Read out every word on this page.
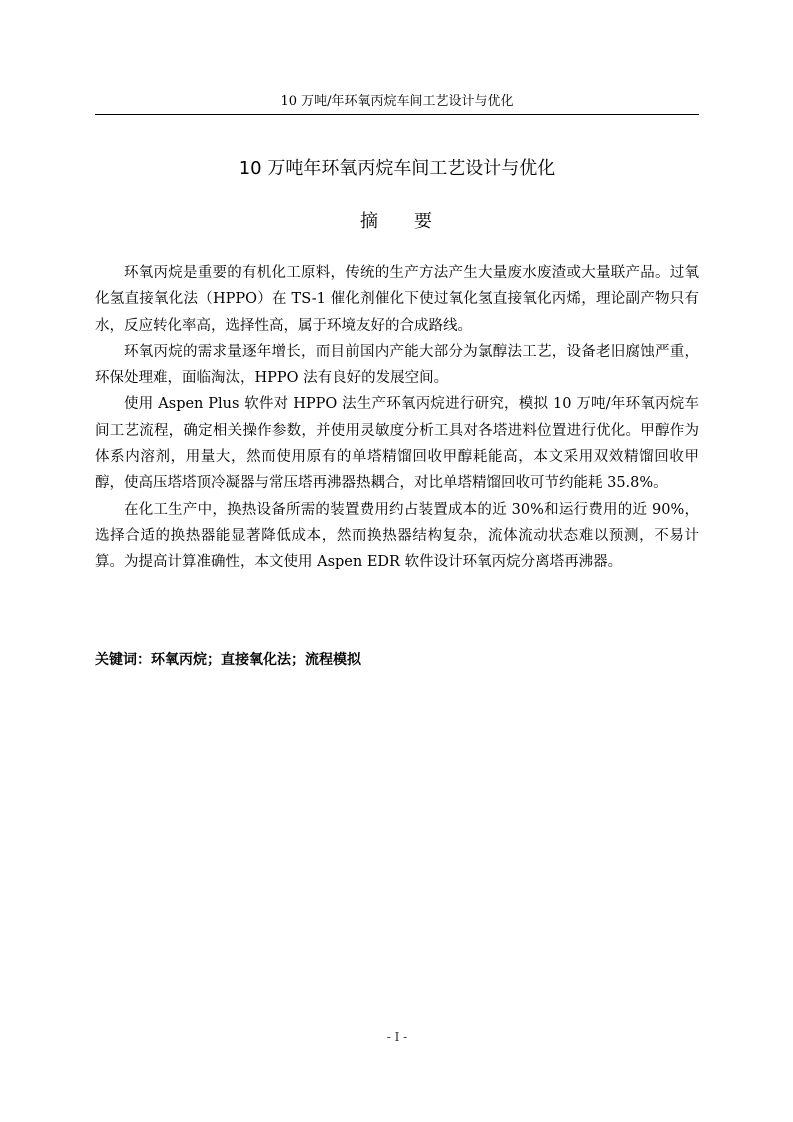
10 万吨/年环氧丙烷车间工艺设计与优化
10 万吨年环氧丙烷车间工艺设计与优化
摘 要

环氧丙烷是重要的有机化工原料，传统的生产方法产生大量废水废渣或大量联产品。过氧化氢直接氧化法（HPPO）在 TS-1 催化剂催化下使过氧化氢直接氧化丙烯，理论副产物只有水，反应转化率高，选择性高，属于环境友好的合成路线。

环氧丙烷的需求量逐年增长，而目前国内产能大部分为氯醇法工艺，设备老旧腐蚀严重，环保处理难，面临淘汰，HPPO 法有良好的发展空间。

使用 Aspen Plus 软件对 HPPO 法生产环氧丙烷进行研究，模拟 10 万吨/年环氧丙烷车间工艺流程，确定相关操作参数，并使用灵敏度分析工具对各塔进料位置进行优化。甲醇作为体系内溶剂，用量大，然而使用原有的单塔精馏回收甲醇耗能高，本文采用双效精馏回收甲醇，使高压塔塔顶冷凝器与常压塔再沸器热耦合，对比单塔精馏回收可节约能耗 35.8%。

在化工生产中，换热设备所需的装置费用约占装置成本的近 30%和运行费用的近 90%，选择合适的换热器能显著降低成本，然而换热器结构复杂，流体流动状态难以预测，不易计算。为提高计算准确性，本文使用 Aspen EDR 软件设计环氧丙烷分离塔再沸器。

关键词：环氧丙烷；直接氧化法；流程模拟
- I -
